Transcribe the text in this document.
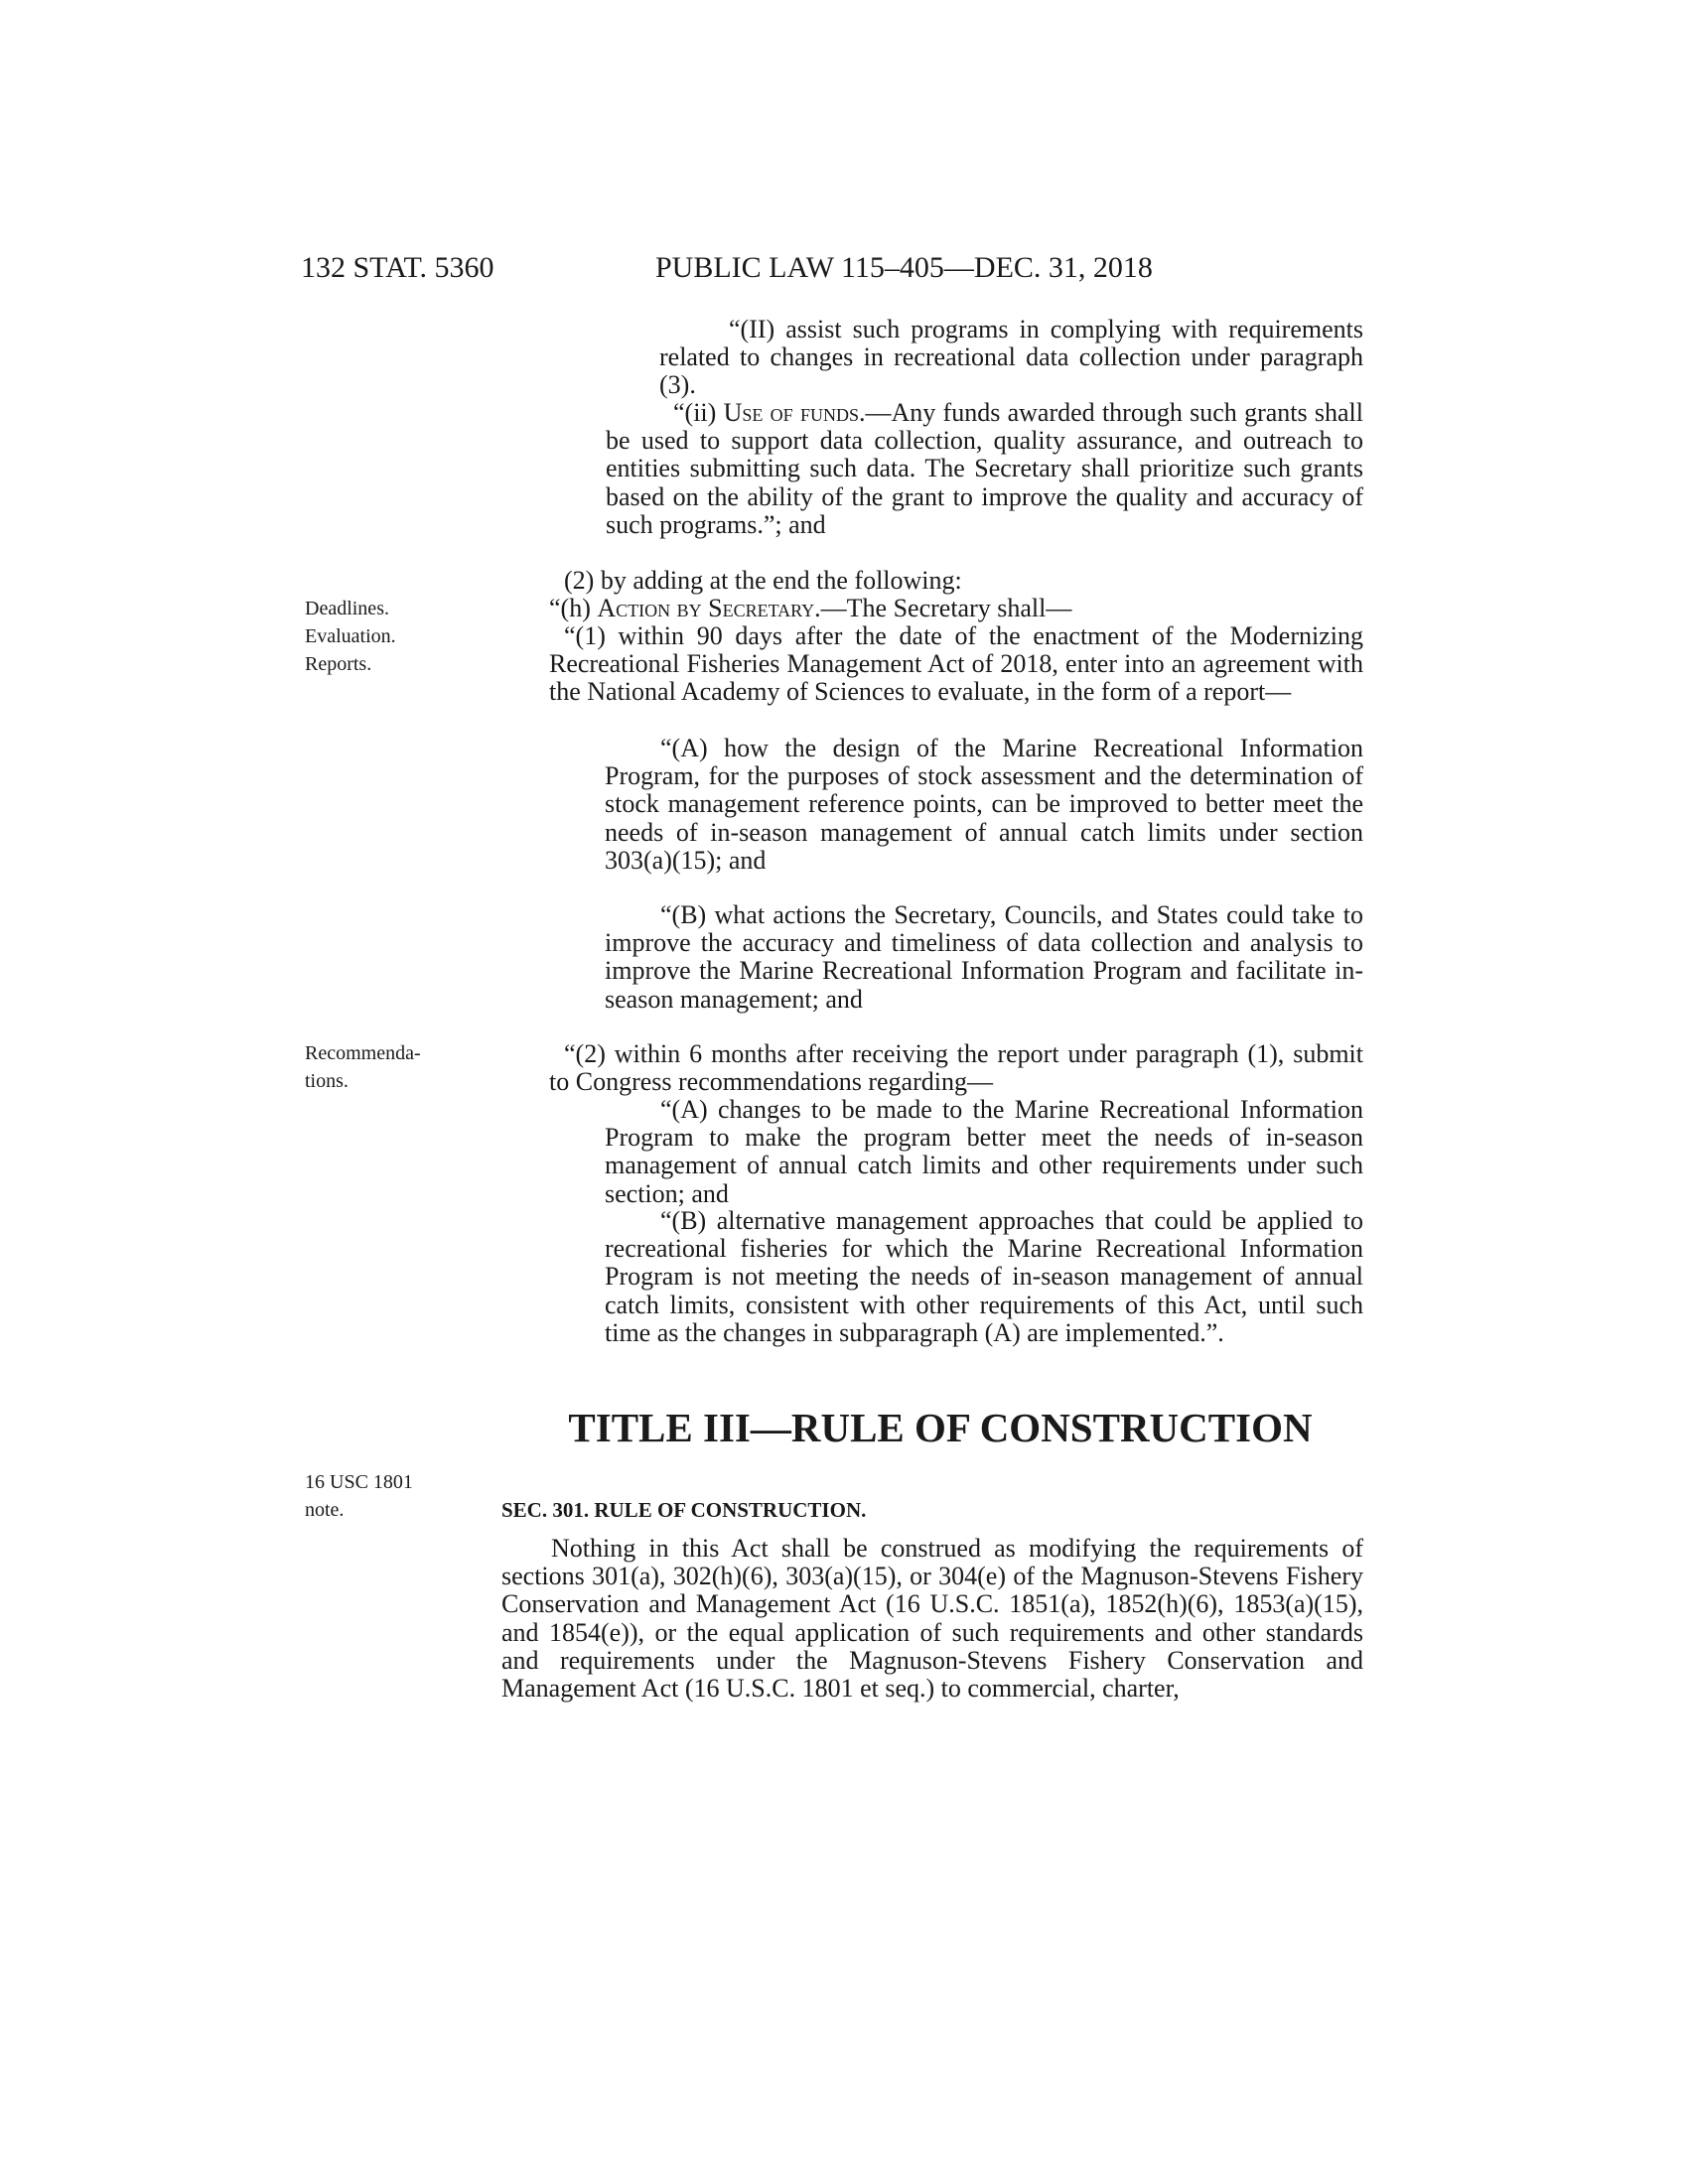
132 STAT. 5360	PUBLIC LAW 115–405—DEC. 31, 2018
Deadlines.
Evaluation.
Reports.
Recommenda-
tions.
16 USC 1801
note.

“(II) assist such programs in complying with requirements related to changes in recreational data collection under paragraph (3).

“(ii) Use of funds.—Any funds awarded through such grants shall be used to support data collection, quality assurance, and outreach to entities submitting such data. The Secretary shall prioritize such grants based on the ability of the grant to improve the quality and accuracy of such programs.”; and

(2) by adding at the end the following:

“(h) Action by Secretary.—The Secretary shall—

“(1) within 90 days after the date of the enactment of the Modernizing Recreational Fisheries Management Act of 2018, enter into an agreement with the National Academy of Sciences to evaluate, in the form of a report—

“(A) how the design of the Marine Recreational Information Program, for the purposes of stock assessment and the determination of stock management reference points, can be improved to better meet the needs of in-season management of annual catch limits under section 303(a)(15); and

“(B) what actions the Secretary, Councils, and States could take to improve the accuracy and timeliness of data collection and analysis to improve the Marine Recreational Information Program and facilitate in-season management; and

“(2) within 6 months after receiving the report under paragraph (1), submit to Congress recommendations regarding—

“(A) changes to be made to the Marine Recreational Information Program to make the program better meet the needs of in-season management of annual catch limits and other requirements under such section; and

“(B) alternative management approaches that could be applied to recreational fisheries for which the Marine Recreational Information Program is not meeting the needs of in-season management of annual catch limits, consistent with other requirements of this Act, until such time as the changes in subparagraph (A) are implemented.”.

TITLE III—RULE OF CONSTRUCTION
SEC. 301. RULE OF CONSTRUCTION.

Nothing in this Act shall be construed as modifying the requirements of sections 301(a), 302(h)(6), 303(a)(15), or 304(e) of the Magnuson-Stevens Fishery Conservation and Management Act (16 U.S.C. 1851(a), 1852(h)(6), 1853(a)(15), and 1854(e)), or the equal application of such requirements and other standards and requirements under the Magnuson-Stevens Fishery Conservation and Management Act (16 U.S.C. 1801 et seq.) to commercial, charter,
